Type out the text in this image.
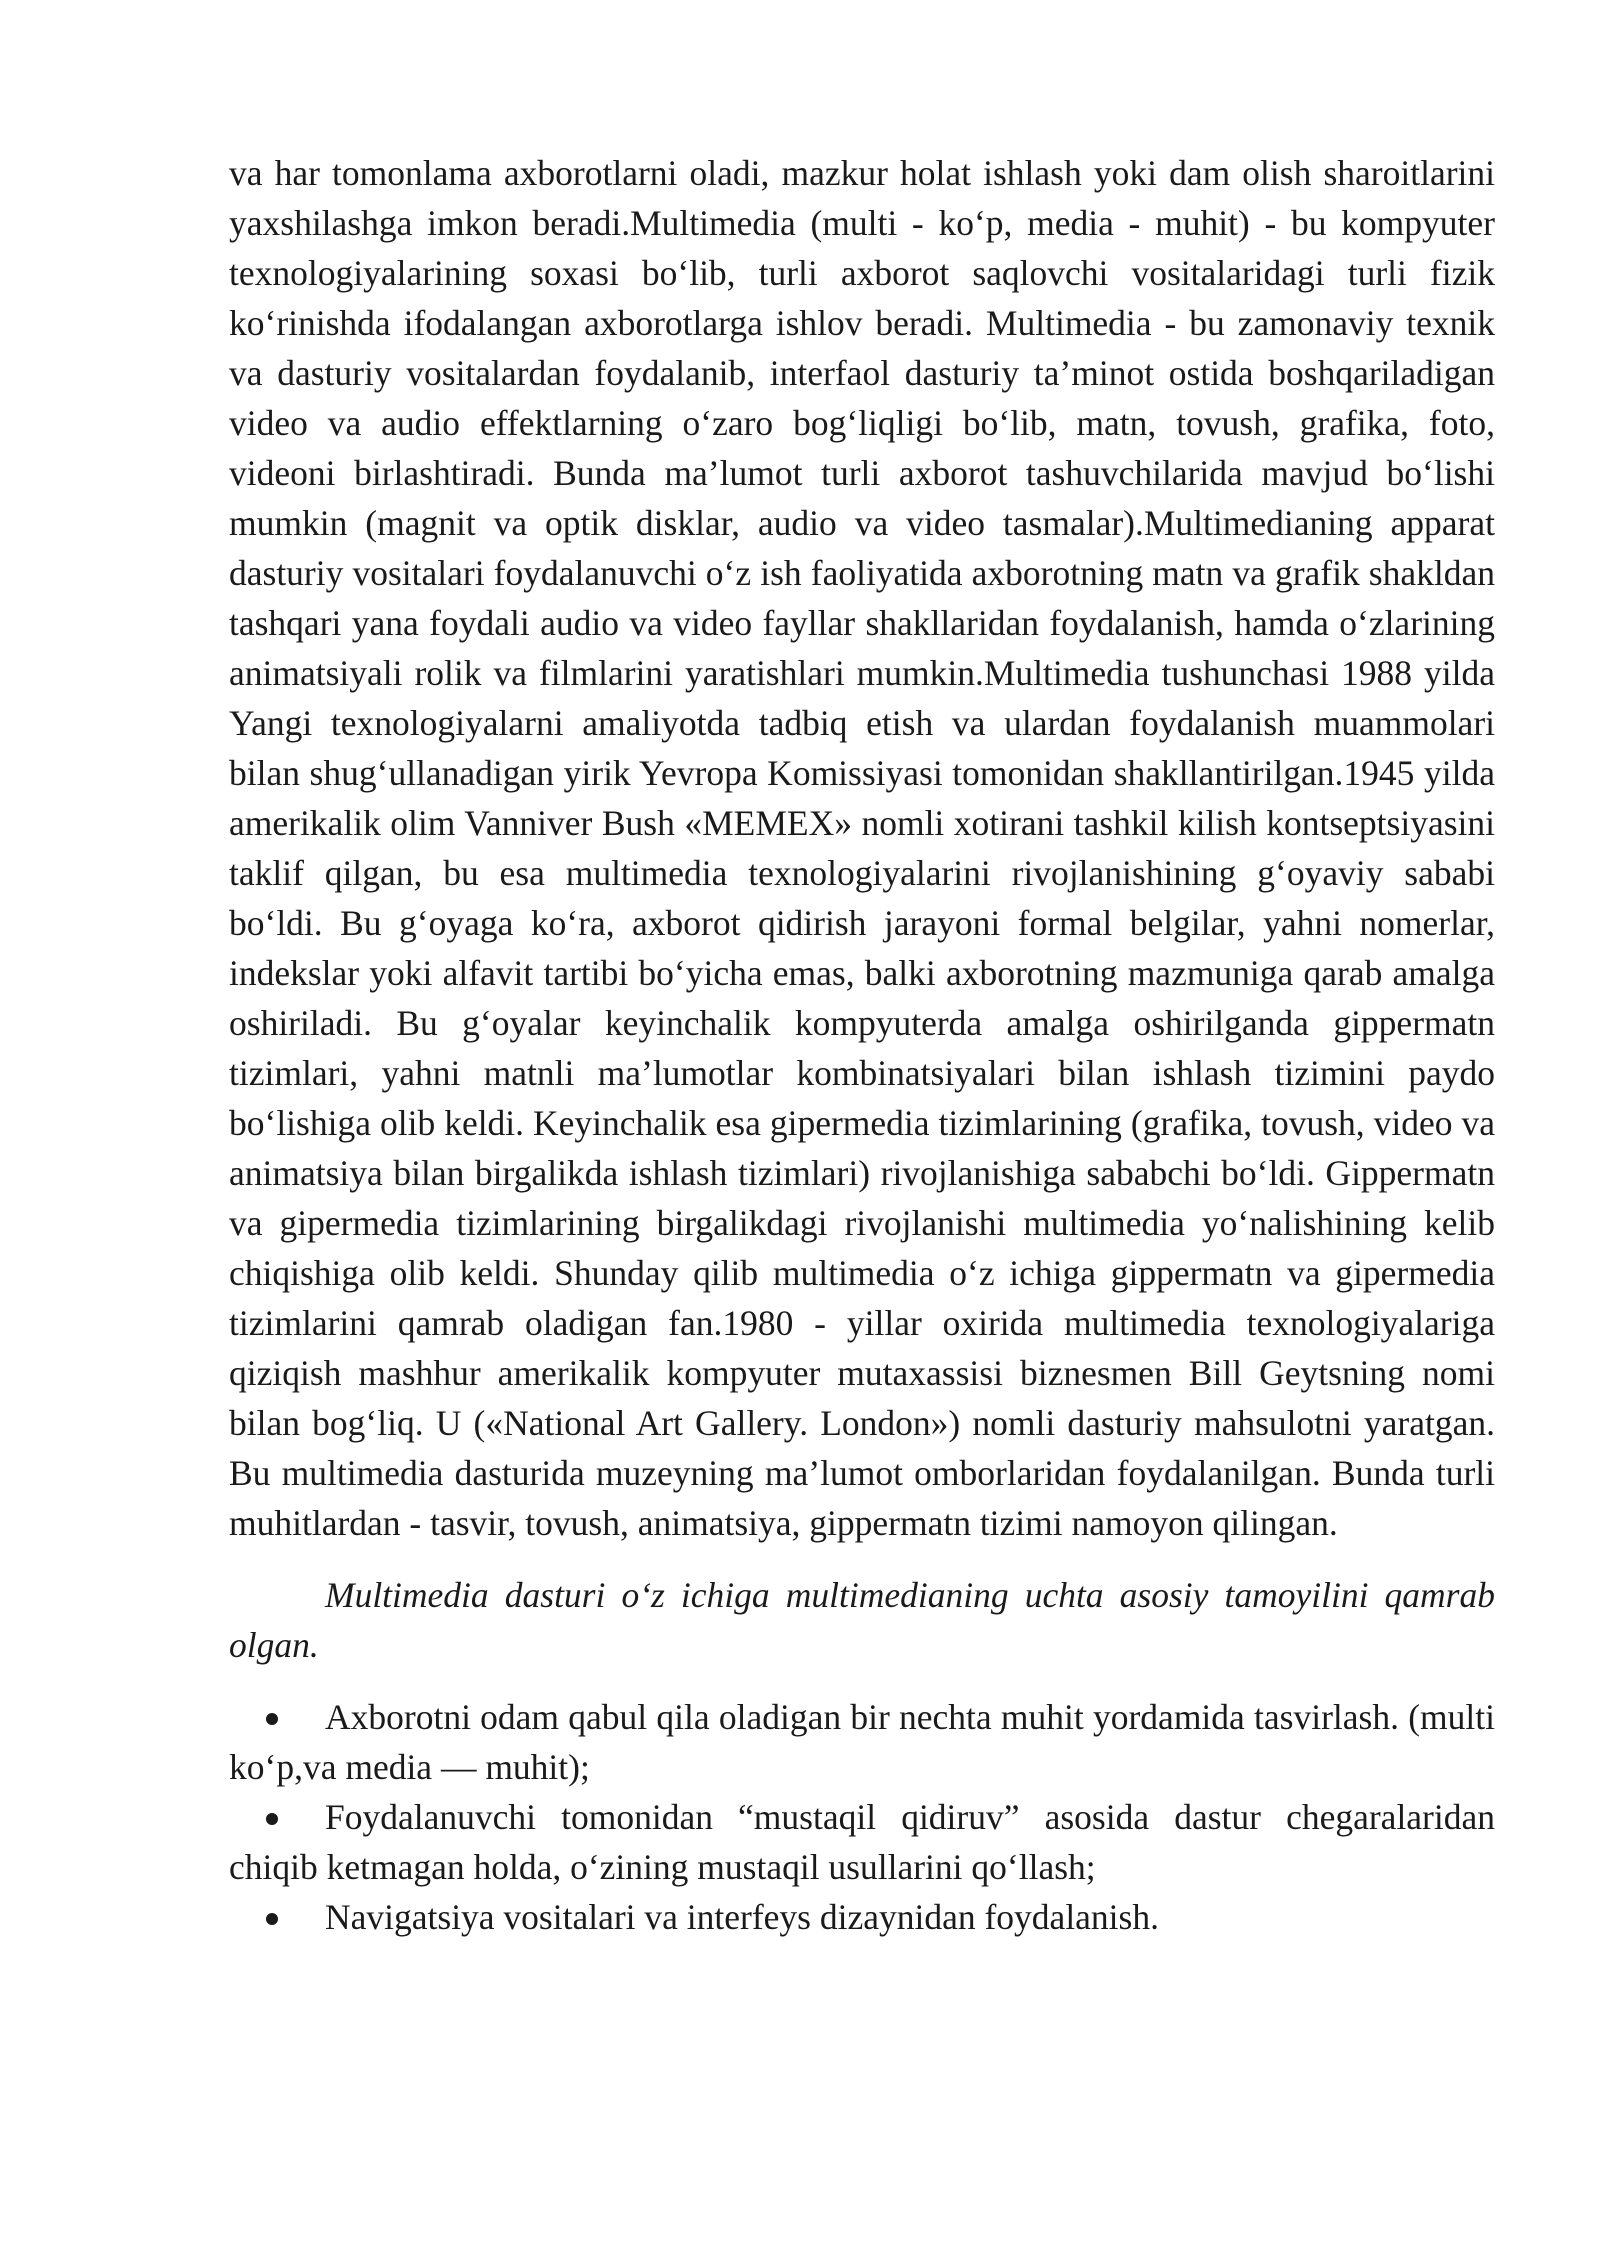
va har tomonlama axborotlarni oladi, mazkur holat ishlash yoki dam olish sharoitlarini yaxshilashga imkon beradi.Multimedia (multi - ko‘p, media - muhit) - bu kompyuter texnologiyalarining soxasi bo‘lib, turli axborot saqlovchi vositalaridagi turli fizik ko‘rinishda ifodalangan axborotlarga ishlov beradi. Multimedia - bu zamonaviy texnik va dasturiy vositalardan foydalanib, interfaol dasturiy ta’minot ostida boshqariladigan video va audio effektlarning o‘zaro bog‘liqligi bo‘lib, matn, tovush, grafika, foto, videoni birlashtiradi. Bunda ma’lumot turli axborot tashuvchilarida mavjud bo‘lishi mumkin (magnit va optik disklar, audio va video tasmalar).Multimedianing apparat dasturiy vositalari foydalanuvchi o‘z ish faoliyatida axborotning matn va grafik shakldan tashqari yana foydali audio va video fayllar shakllaridan foydalanish, hamda o‘zlarining animatsiyali rolik va filmlarini yaratishlari mumkin.Multimedia tushunchasi 1988 yilda Yangi texnologiyalarni amaliyotda tadbiq etish va ulardan foydalanish muammolari bilan shug‘ullanadigan yirik Yevropa Komissiyasi tomonidan shakllantirilgan.1945 yilda amerikalik olim Vanniver Bush «MEMEX» nomli xotirani tashkil kilish kontseptsiyasini taklif qilgan, bu esa multimedia texnologiyalarini rivojlanishining g‘oyaviy sababi bo‘ldi. Bu g‘oyaga ko‘ra, axborot qidirish jarayoni formal belgilar, yahni nomerlar, indekslar yoki alfavit tartibi bo‘yicha emas, balki axborotning mazmuniga qarab amalga oshiriladi. Bu g‘oyalar keyinchalik kompyuterda amalga oshirilganda gippermatn tizimlari, yahni matnli ma’lumotlar kombinatsiyalari bilan ishlash tizimini paydo bo‘lishiga olib keldi. Keyinchalik esa gipermedia tizimlarining (grafika, tovush, video va animatsiya bilan birgalikda ishlash tizimlari) rivojlanishiga sababchi bo‘ldi. Gippermatn va gipermedia tizimlarining birgalikdagi rivojlanishi multimedia yo‘nalishining kelib chiqishiga olib keldi. Shunday qilib multimedia o‘z ichiga gippermatn va gipermedia tizimlarini qamrab oladigan fan.1980 - yillar oxirida multimedia texnologiyalariga qiziqish mashhur amerikalik kompyuter mutaxassisi biznesmen Bill Geytsning nomi bilan bog‘liq. U («National Art Gallery. London») nomli dasturiy mahsulotni yaratgan. Bu multimedia dasturida muzeyning ma’lumot omborlaridan foydalanilgan. Bunda turli muhitlardan - tasvir, tovush, animatsiya, gippermatn tizimi namoyon qilingan.

Multimedia dasturi o‘z ichiga multimedianing uchta asosiy tamoyilini qamrab olgan.

Axborotni odam qabul qila oladigan bir nechta muhit yordamida tasvirlash. (multi ko‘p,va media — muhit);
Foydalanuvchi tomonidan “mustaqil qidiruv” asosida dastur chegaralaridan chiqib ketmagan holda, o‘zining mustaqil usullarini qo‘llash;
Navigatsiya vositalari va interfeys dizaynidan foydalanish.
